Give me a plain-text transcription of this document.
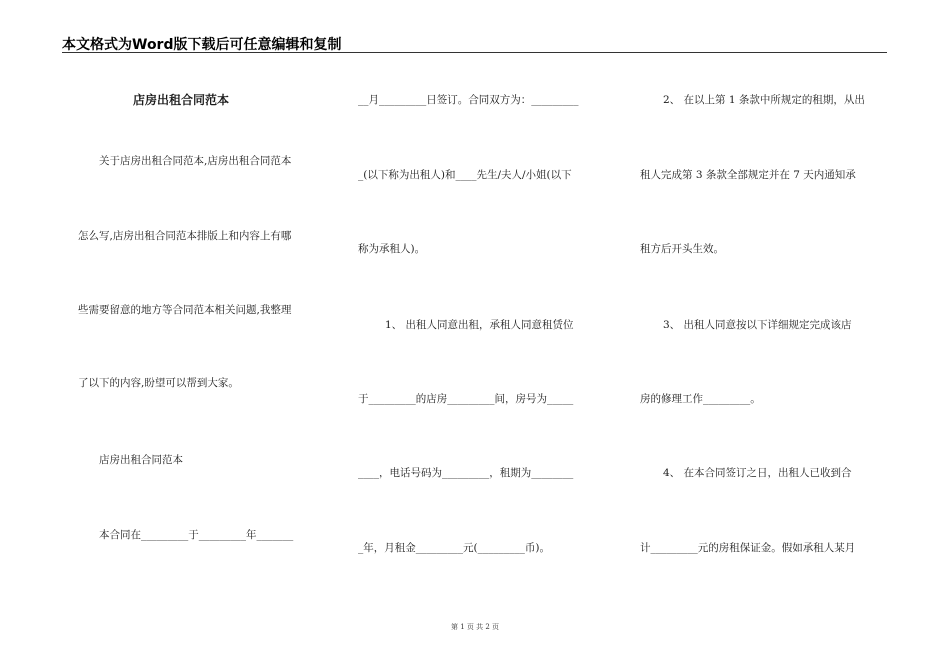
本文格式为Word版下载后可任意编辑和复制
店房出租合同范本
关于店房出租合同范本,店房出租合同范本
怎么写,店房出租合同范本排版上和内容上有哪
些需要留意的地方等合同范本相关问题,我整理
了以下的内容,盼望可以帮到大家。
店房出租合同范本
本合同在_________于_________年_______
__月_________日签订。合同双方为：_________
_(以下称为出租人)和____先生/夫人/小姐(以下
称为承租人)。
1、 出租人同意出租，承租人同意租赁位
于_________的店房_________间，房号为_____
____，电话号码为_________，租期为________
_年，月租金_________元(_________币)。
2、 在以上第 1 条款中所规定的租期，从出
租人完成第 3 条款全部规定并在 7 天内通知承
租方后开头生效。
3、 出租人同意按以下详细规定完成该店
房的修理工作_________。
4、 在本合同签订之日，出租人已收到合
计_________元的房租保证金。假如承租人某月
第 1 页 共 2 页
